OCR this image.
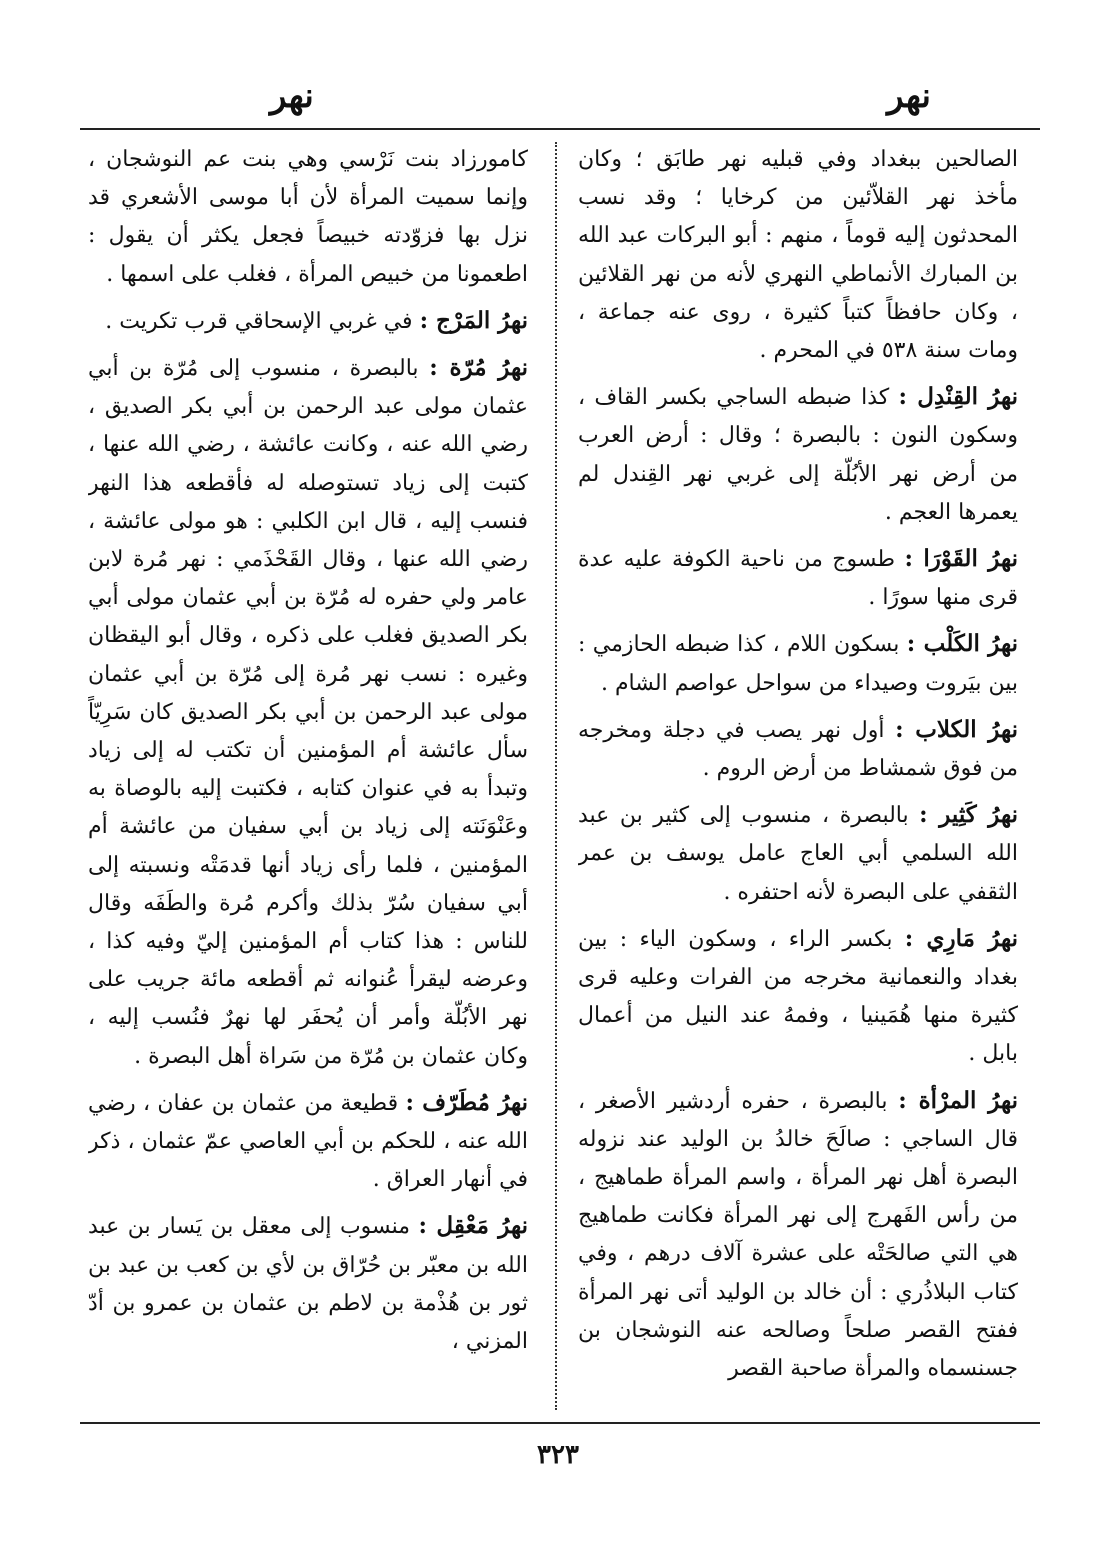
نهر
نهر

الصالحين ببغداد وفي قبليه نهر طابَق ؛ وكان مأخذ نهر القلاّئين من كرخايا ؛ وقد نسب المحدثون إليه قوماً ، منهم : أبو البركات عبد الله بن المبارك الأنماطي النهري لأنه من نهر القلائين ، وكان حافظاً كتباً كثيرة ، روى عنه جماعة ، ومات سنة ٥٣٨ في المحرم .

نهرُ القِنْدِل : كذا ضبطه الساجي بكسر القاف ، وسكون النون : بالبصرة ؛ وقال : أرض العرب من أرض نهر الأبُلّة إلى غربي نهر القِندل لم يعمرها العجم .

نهرُ القَوْرَا : طسوج من ناحية الكوفة عليه عدة قرى منها سورًا .

نهرُ الكَلْب : بسكون اللام ، كذا ضبطه الحازمي : بين بيَروت وصيداء من سواحل عواصم الشام .

نهرُ الكلاب : أول نهر يصب في دجلة ومخرجه من فوق شمشاط من أرض الروم .

نهرُ كَثِير : بالبصرة ، منسوب إلى كثير بن عبد الله السلمي أبي العاج عامل يوسف بن عمر الثقفي على البصرة لأنه احتفره .

نهرُ مَارِي : بكسر الراء ، وسكون الياء : بين بغداد والنعمانية مخرجه من الفرات وعليه قرى كثيرة منها هُمَينيا ، وفمهُ عند النيل من أعمال بابل .

نهرُ المرْأة : بالبصرة ، حفره أردشير الأصغر ، قال الساجي : صالَحَ خالدُ بن الوليد عند نزوله البصرة أهل نهر المرأة ، واسم المرأة طماهيج ، من رأس الفَهرج إلى نهر المرأة فكانت طماهيج هي التي صالحَتْه على عشرة آلاف درهم ، وفي كتاب البلاذُري : أن خالد بن الوليد أتى نهر المرأة ففتح القصر صلحاً وصالحه عنه النوشجان بن جسنسماه والمرأة صاحبة القصر

كامورزاد بنت نَرْسي وهي بنت عم النوشجان ، وإنما سميت المرأة لأن أبا موسى الأشعري قد نزل بها فزوّدته خبيصاً فجعل يكثر أن يقول : اطعمونا من خبيص المرأة ، فغلب على اسمها .

نهرُ المَرْج : في غربي الإسحاقي قرب تكريت .

نهرُ مُرّة : بالبصرة ، منسوب إلى مُرّة بن أبي عثمان مولى عبد الرحمن بن أبي بكر الصديق ، رضي الله عنه ، وكانت عائشة ، رضي الله عنها ، كتبت إلى زياد تستوصله له فأقطعه هذا النهر فنسب إليه ، قال ابن الكلبي : هو مولى عائشة ، رضي الله عنها ، وقال القَحْذَمي : نهر مُرة لابن عامر ولي حفره له مُرّة بن أبي عثمان مولى أبي بكر الصديق فغلب على ذكره ، وقال أبو اليقظان وغيره : نسب نهر مُرة إلى مُرّة بن أبي عثمان مولى عبد الرحمن بن أبي بكر الصديق كان سَرِيّاً سأل عائشة أم المؤمنين أن تكتب له إلى زياد وتبدأ به في عنوان كتابه ، فكتبت إليه بالوصاة به وعَنْوَنَته إلى زياد بن أبي سفيان من عائشة أم المؤمنين ، فلما رأى زياد أنها قدمَتْه ونسبته إلى أبي سفيان سُرّ بذلك وأكرم مُرة والطَفَه وقال للناس : هذا كتاب أم المؤمنين إليّ وفيه كذا ، وعرضه ليقرأ عُنوانه ثم أقطعه مائة جريب على نهر الأبُلّة وأمر أن يُحفَر لها نهرٌ فنُسب إليه ، وكان عثمان بن مُرّة من سَراة أهل البصرة .

نهرُ مُطَرّف : قطيعة من عثمان بن عفان ، رضي الله عنه ، للحكم بن أبي العاصي عمّ عثمان ، ذكر في أنهار العراق .

نهرُ مَعْقِل : منسوب إلى معقل بن يَسار بن عبد الله بن معبّر بن حُرّاق بن لأي بن كعب بن عبد بن ثور بن هُذْمة بن لاطم بن عثمان بن عمرو بن أدّ المزني ،

٣٢٣
